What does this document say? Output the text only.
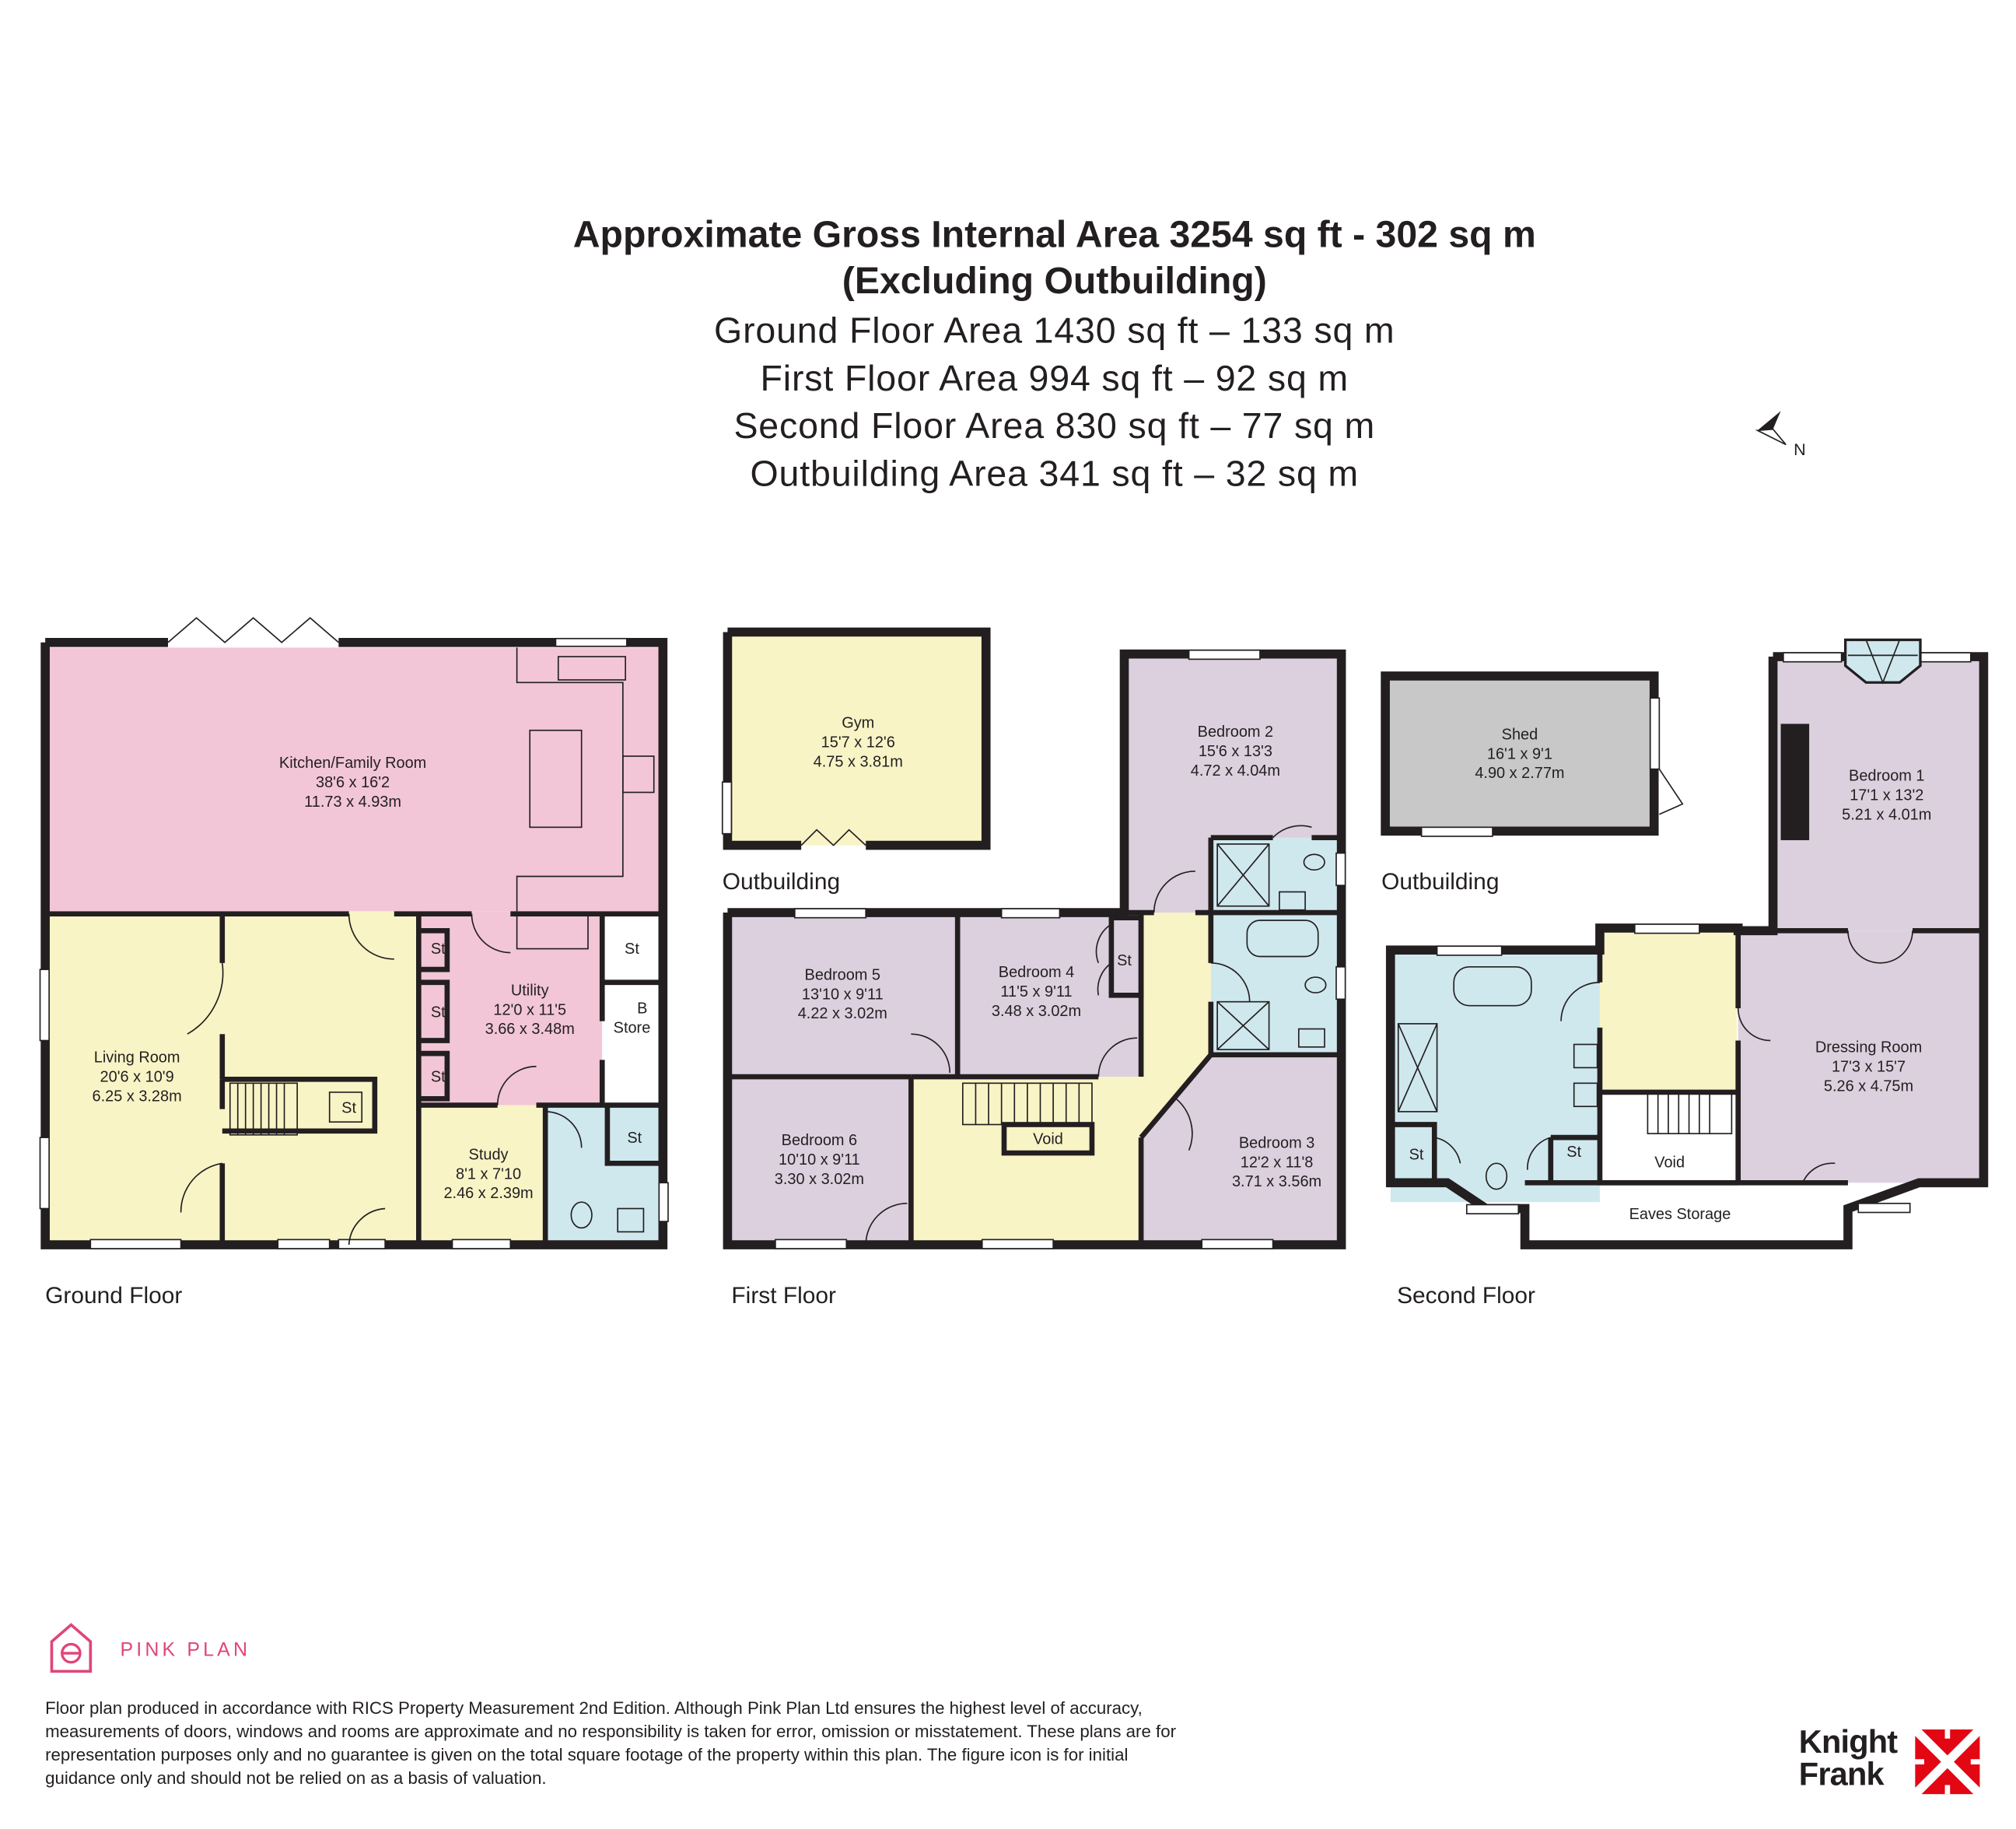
Approximate Gross Internal Area 3254 sq ft - 302 sq m
(Excluding Outbuilding)
Ground Floor Area 1430 sq ft – 133 sq m
First Floor Area 994 sq ft – 92 sq m
Second Floor Area 830 sq ft – 77 sq m
Outbuilding Area 341 sq ft – 32 sq m
N
Kitchen/Family Room
38'6 x 16'2
11.73 x 4.93m
Living Room
20'6 x 10'9
6.25 x 3.28m
Utility
12'0 x 11'5
3.66 x 3.48m
Study
8'1 x 7'10
2.46 x 2.39m
St
St
St
St
St
St
B
Store
Gym
15'7 x 12'6
4.75 x 3.81m
Bedroom 5
13'10 x 9'11
4.22 x 3.02m
Bedroom 4
11'5 x 9'11
3.48 x 3.02m
Bedroom 6
10'10 x 9'11
3.30 x 3.02m
Bedroom 2
15'6 x 13'3
4.72 x 4.04m
Bedroom 3
12'2 x 11'8
3.71 x 3.56m
Void
St
Shed
16'1 x 9'1
4.90 x 2.77m	Bedroom 1
17'1 x 13'2
5.21 x 4.01m
Dressing Room
17'3 x 15'7
5.26 x 4.75m
Void
Eaves Storage
St	St
Ground Floor	First Floor	Second Floor
Outbuilding	Outbuilding
PINK PLAN
Floor plan produced in accordance with RICS Property Measurement 2nd Edition. Although Pink Plan Ltd ensures the highest level of accuracy, measurements of doors, windows and rooms are approximate and no responsibility is taken for error, omission or misstatement. These plans are for representation purposes only and no guarantee is given on the total square footage of the property within this plan. The figure icon is for initial guidance only and should not be relied on as a basis of valuation.
Knight
Frank
